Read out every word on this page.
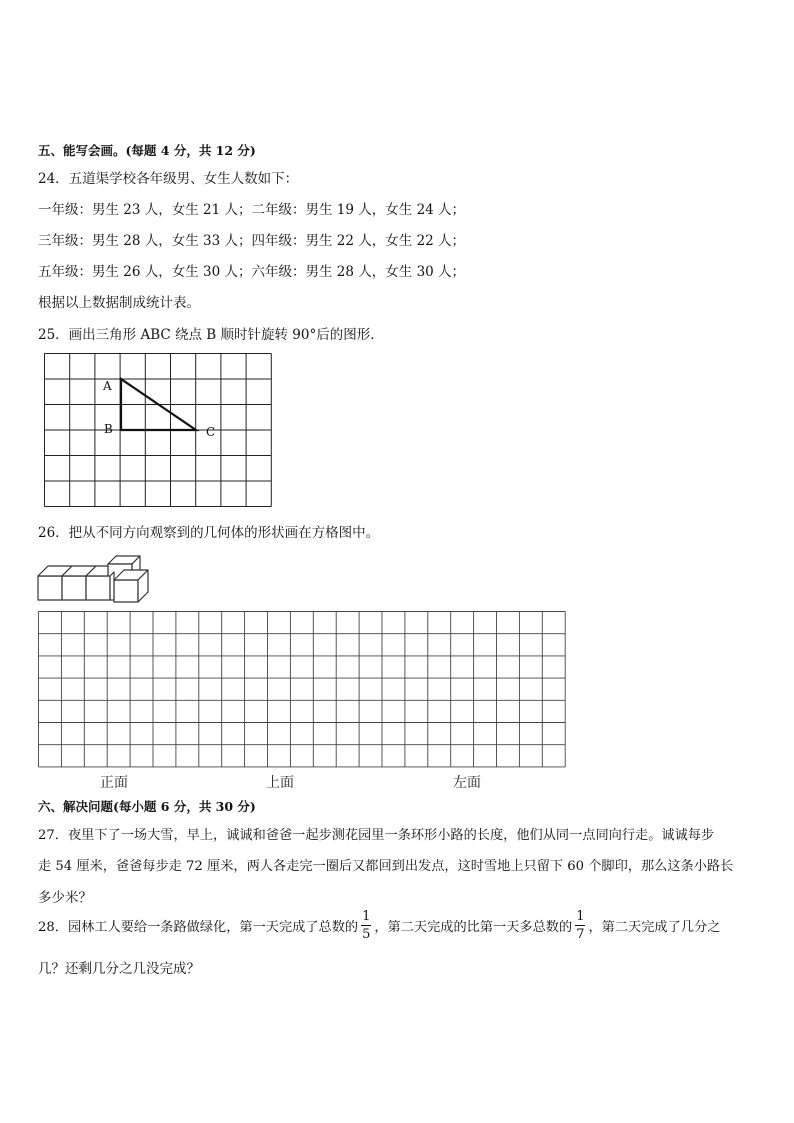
五、能写会画。(每题 4 分，共 12 分)
24．五道渠学校各年级男、女生人数如下：
一年级：男生 23 人，女生 21 人；二年级：男生 19 人，女生 24 人；
三年级：男生 28 人，女生 33 人；四年级：男生 22 人，女生 22 人；
五年级：男生 26 人，女生 30 人；六年级：男生 28 人，女生 30 人；
根据以上数据制成统计表。
25．画出三角形 ABC 绕点 B 顺时针旋转 90°后的图形．
A
B	C
26．把从不同方向观察到的几何体的形状画在方格图中。
正面	上面	左面
六、解决问题(每小题 6 分，共 30 分)
27．夜里下了一场大雪，早上，诚诚和爸爸一起步测花园里一条环形小路的长度，他们从同一点同向行走。诚诚每步
走 54 厘米，爸爸每步走 72 厘米，两人各走完一圈后又都回到出发点，这时雪地上只留下 60 个脚印，那么这条小路长
多少米？
28．园林工人要给一条路做绿化，第一天完成了总数的 $\frac{1}{5}$ ，第二天完成的比第一天多总数的 $\frac{1}{7}$ ，第二天完成了几分之
几？还剩几分之几没完成？
